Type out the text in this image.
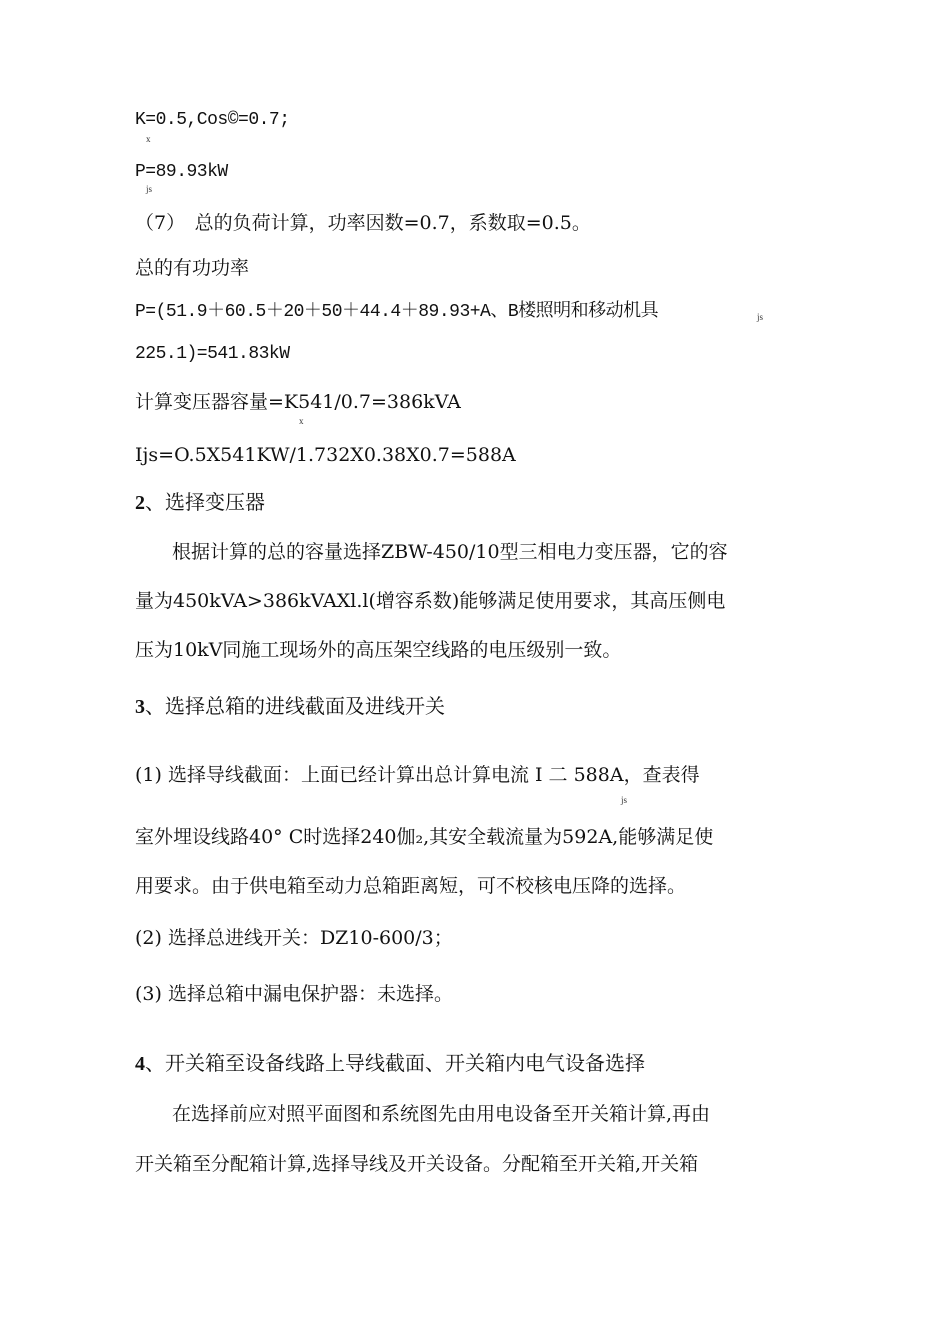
K=0.5,Cos©=0.7;
x
P=89.93kW
js
（7）　总的负荷计算，功率因数=0.7，系数取=0.5。
总的有功功率
P=(51.9＋60.5＋20＋50＋44.4＋89.93+A、B楼照明和移动机具	js
225.1)=541.83kW
计算变压器容量=K541/0.7=386kVA
x
Ijs=O.5X541KW/1.732X0.38X0.7=588A
2、选择变压器
根据计算的总的容量选择ZBW-450/10型三相电力变压器，它的容
量为450kVA>386kVAXl.l(增容系数)能够满足使用要求，其高压侧电
压为10kV同施工现场外的高压架空线路的电压级别一致。
3、选择总箱的进线截面及进线开关
(1) 选择导线截面：上面已经计算出总计算电流 I 二 588A，查表得
js
室外埋设线路40° C时选择240伽₂,其安全载流量为592A,能够满足使
用要求。由于供电箱至动力总箱距离短，可不校核电压降的选择。
(2) 选择总进线开关：DZ10-600/3；
(3) 选择总箱中漏电保护器：未选择。
4、开关箱至设备线路上导线截面、开关箱内电气设备选择
在选择前应对照平面图和系统图先由用电设备至开关箱计算,再由
开关箱至分配箱计算,选择导线及开关设备。分配箱至开关箱,开关箱
